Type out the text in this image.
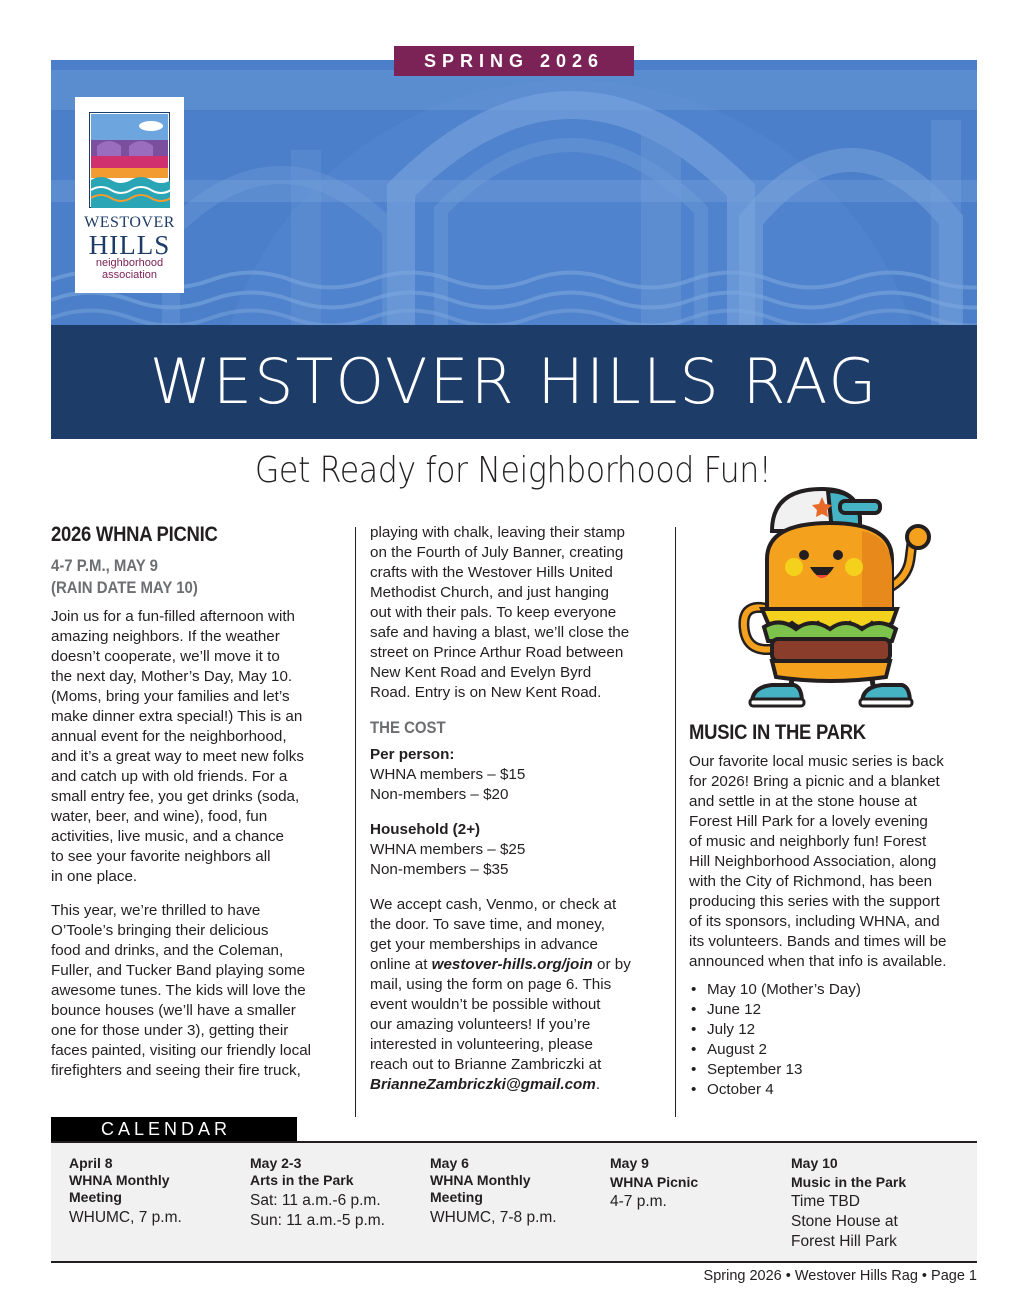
SPRING 2026
WESTOVER HILLS RAG
WESTOVER
HILLS
neighborhood
association
Get Ready for Neighborhood Fun!
2026 WHNA PICNIC
4-7 P.M., MAY 9
(RAIN DATE MAY 10)
Join us for a fun-filled afternoon with
amazing neighbors. If the weather
doesn’t cooperate, we’ll move it to
the next day, Mother’s Day, May 10.
(Moms, bring your families and let’s
make dinner extra special!) This is an
annual event for the neighborhood,
and it’s a great way to meet new folks
and catch up with old friends. For a
small entry fee, you get drinks (soda,
water, beer, and wine), food, fun
activities, live music, and a chance
to see your favorite neighbors all
in one place.
This year, we’re thrilled to have
O’Toole’s bringing their delicious
food and drinks, and the Coleman,
Fuller, and Tucker Band playing some
awesome tunes. The kids will love the
bounce houses (we’ll have a smaller
one for those under 3), getting their
faces painted, visiting our friendly local
firefighters and seeing their fire truck,
playing with chalk, leaving their stamp
on the Fourth of July Banner, creating
crafts with the Westover Hills United
Methodist Church, and just hanging
out with their pals. To keep everyone
safe and having a blast, we’ll close the
street on Prince Arthur Road between
New Kent Road and Evelyn Byrd
Road. Entry is on New Kent Road.
THE COST
Per person:
WHNA members – $15
Non-members – $20
Household (2+)
WHNA members – $25
Non-members – $35
We accept cash, Venmo, or check at
the door. To save time, and money,
get your memberships in advance
online at westover-hills.org/join or by
mail, using the form on page 6. This
event wouldn’t be possible without
our amazing volunteers! If you’re
interested in volunteering, please
reach out to Brianne Zambriczki at
BrianneZambriczki@gmail.com.
MUSIC IN THE PARK
Our favorite local music series is back
for 2026! Bring a picnic and a blanket
and settle in at the stone house at
Forest Hill Park for a lovely evening
of music and neighborly fun! Forest
Hill Neighborhood Association, along
with the City of Richmond, has been
producing this series with the support
of its sponsors, including WHNA, and
its volunteers. Bands and times will be
announced when that info is available.
• May 10 (Mother’s Day)
• June 12
• July 12
• August 2
• September 13
• October 4
CALENDAR
April 8
WHNA Monthly
Meeting
WHUMC, 7 p.m.
May 2-3
Arts in the Park
Sat: 11 a.m.-6 p.m.
Sun: 11 a.m.-5 p.m.
May 6
WHNA Monthly
Meeting
WHUMC, 7-8 p.m.
May 9
WHNA Picnic
4-7 p.m.
May 10
Music in the Park
Time TBD
Stone House at
Forest Hill Park
Spring 2026 • Westover Hills Rag • Page 1
